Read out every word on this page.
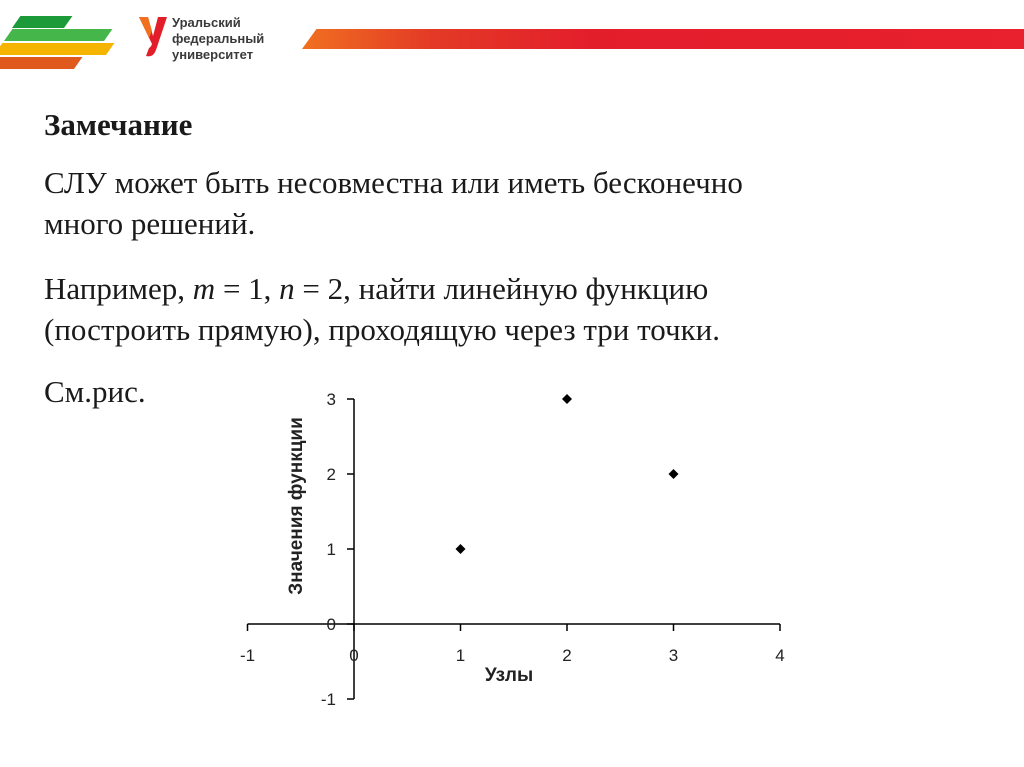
Уральский
федеральный
университет
Замечание
СЛУ может быть несовместна или иметь бесконечно
много решений.
Например, m = 1, n = 2, найти линейную функцию
(построить прямую), проходящую через три точки.
См.рис.
-1	0	1	2	3	4
-1
0
1
2
3
Узлы
Значения функции
